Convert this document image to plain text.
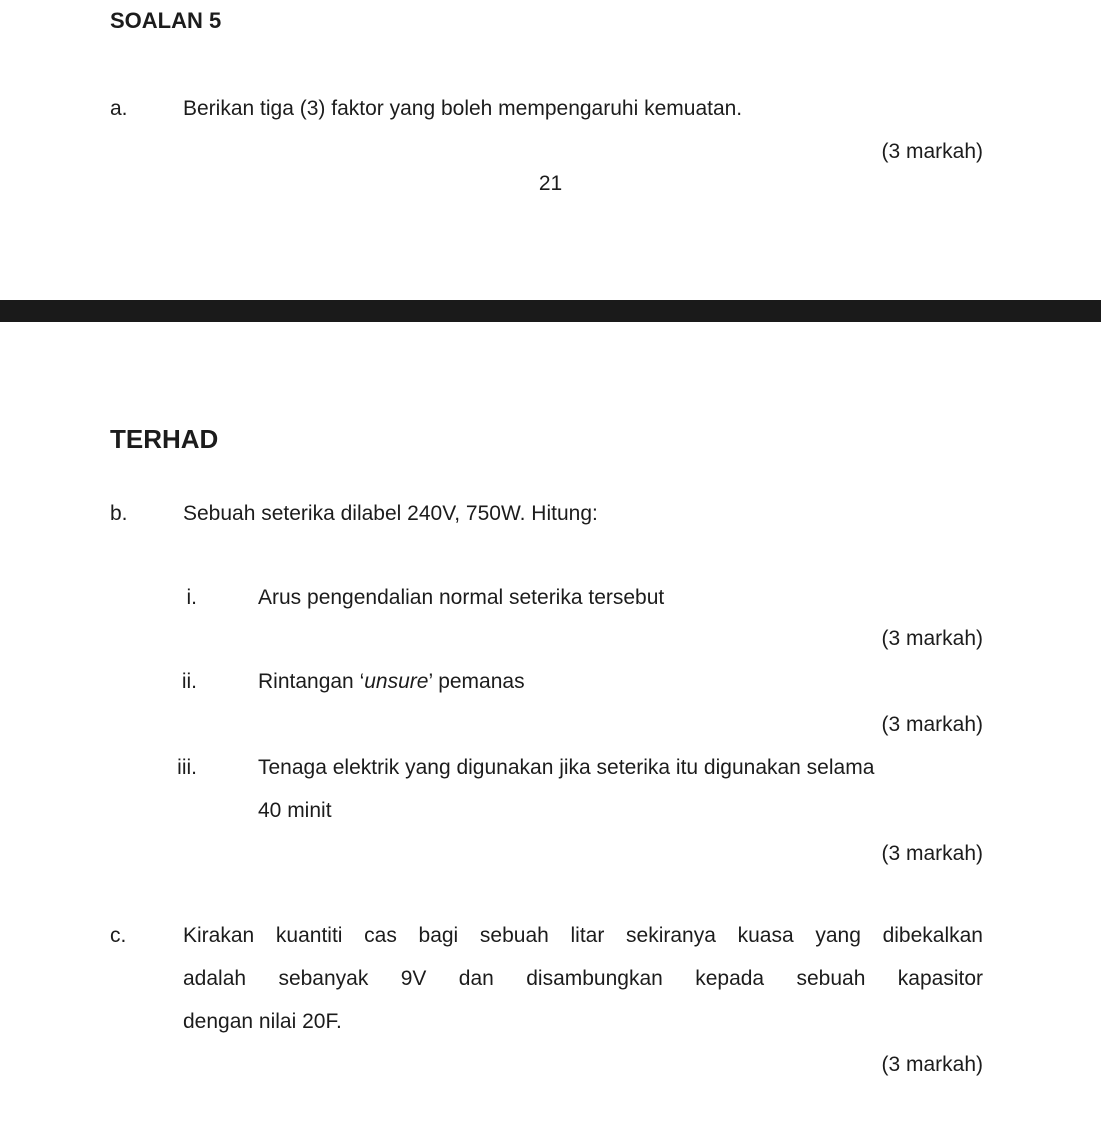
SOALAN 5
a.	Berikan tiga (3) faktor yang boleh mempengaruhi kemuatan.
(3 markah)
21
TERHAD
b.	Sebuah seterika dilabel 240V, 750W. Hitung:
i.	Arus pengendalian normal seterika tersebut
(3 markah)
ii.	Rintangan ‘unsure’ pemanas
(3 markah)
iii.	Tenaga elektrik yang digunakan jika seterika itu digunakan selama
40 minit
(3 markah)
c.	Kirakan kuantiti cas bagi sebuah litar sekiranya kuasa yang dibekalkan
adalah sebanyak 9V dan disambungkan kepada sebuah kapasitor
dengan nilai 20F.
(3 markah)
